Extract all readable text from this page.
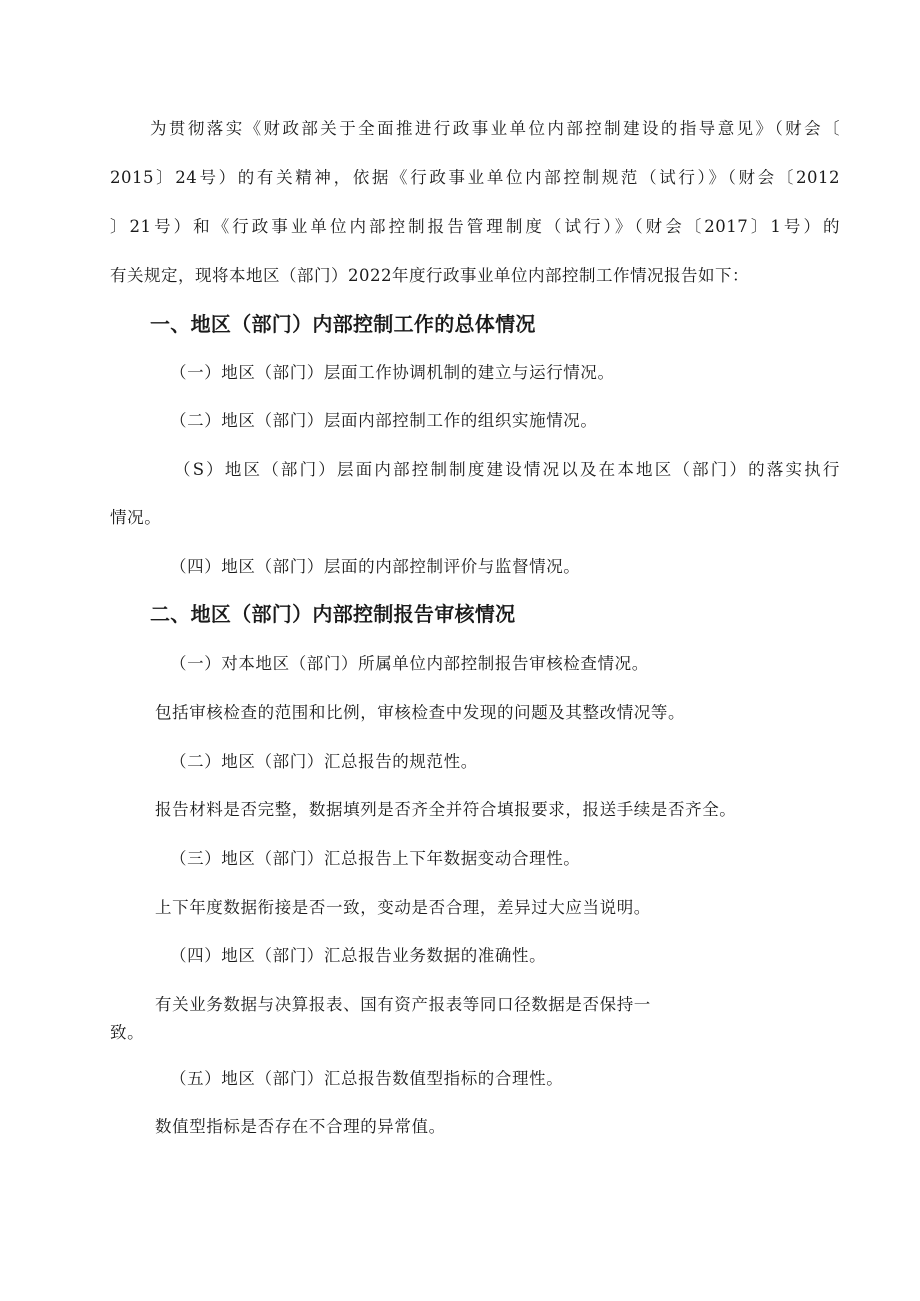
为贯彻落实《财政部关于全面推进行政事业单位内部控制建设的指导意见》（财会〔
2015〕24号）的有关精神，依据《行政事业单位内部控制规范（试行）》（财会〔2012
〕21号）和《行政事业单位内部控制报告管理制度（试行）》（财会〔2017〕1号）的
有关规定，现将本地区（部门）2022年度行政事业单位内部控制工作情况报告如下：
一、地区（部门）内部控制工作的总体情况
（一）地区（部门）层面工作协调机制的建立与运行情况。
（二）地区（部门）层面内部控制工作的组织实施情况。
（S）地区（部门）层面内部控制制度建设情况以及在本地区（部门）的落实执行
情况。
（四）地区（部门）层面的内部控制评价与监督情况。
二、地区（部门）内部控制报告审核情况
（一）对本地区（部门）所属单位内部控制报告审核检查情况。
包括审核检查的范围和比例，审核检查中发现的问题及其整改情况等。
（二）地区（部门）汇总报告的规范性。
报告材料是否完整，数据填列是否齐全并符合填报要求，报送手续是否齐全。
（三）地区（部门）汇总报告上下年数据变动合理性。
上下年度数据衔接是否一致，变动是否合理，差异过大应当说明。
（四）地区（部门）汇总报告业务数据的准确性。
有关业务数据与决算报表、国有资产报表等同口径数据是否保持一
致。
（五）地区（部门）汇总报告数值型指标的合理性。
数值型指标是否存在不合理的异常值。
